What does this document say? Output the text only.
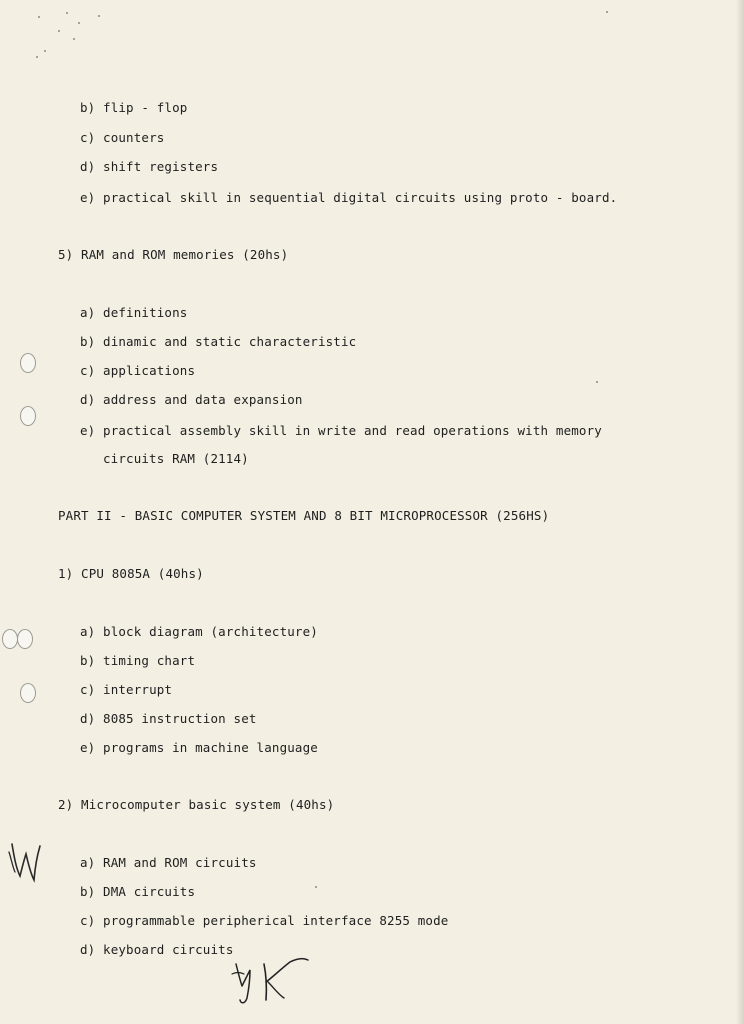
b) flip - flop
c) counters
d) shift registers
e) practical skill in sequential digital circuits using proto - board.
5) RAM and ROM memories (20hs)
a) definitions
b) dinamic and static characteristic
c) applications
d) address and data expansion
e) practical assembly skill in write and read operations with memory
circuits RAM (2114)
PART II - BASIC COMPUTER SYSTEM AND 8 BIT MICROPROCESSOR (256HS)
1) CPU 8085A (40hs)
a) block diagram (architecture)
b) timing chart
c) interrupt
d) 8085 instruction set
e) programs in machine language
2) Microcomputer basic system (40hs)
a) RAM and ROM circuits
b) DMA circuits
c) programmable peripherical interface 8255 mode
d) keyboard circuits
